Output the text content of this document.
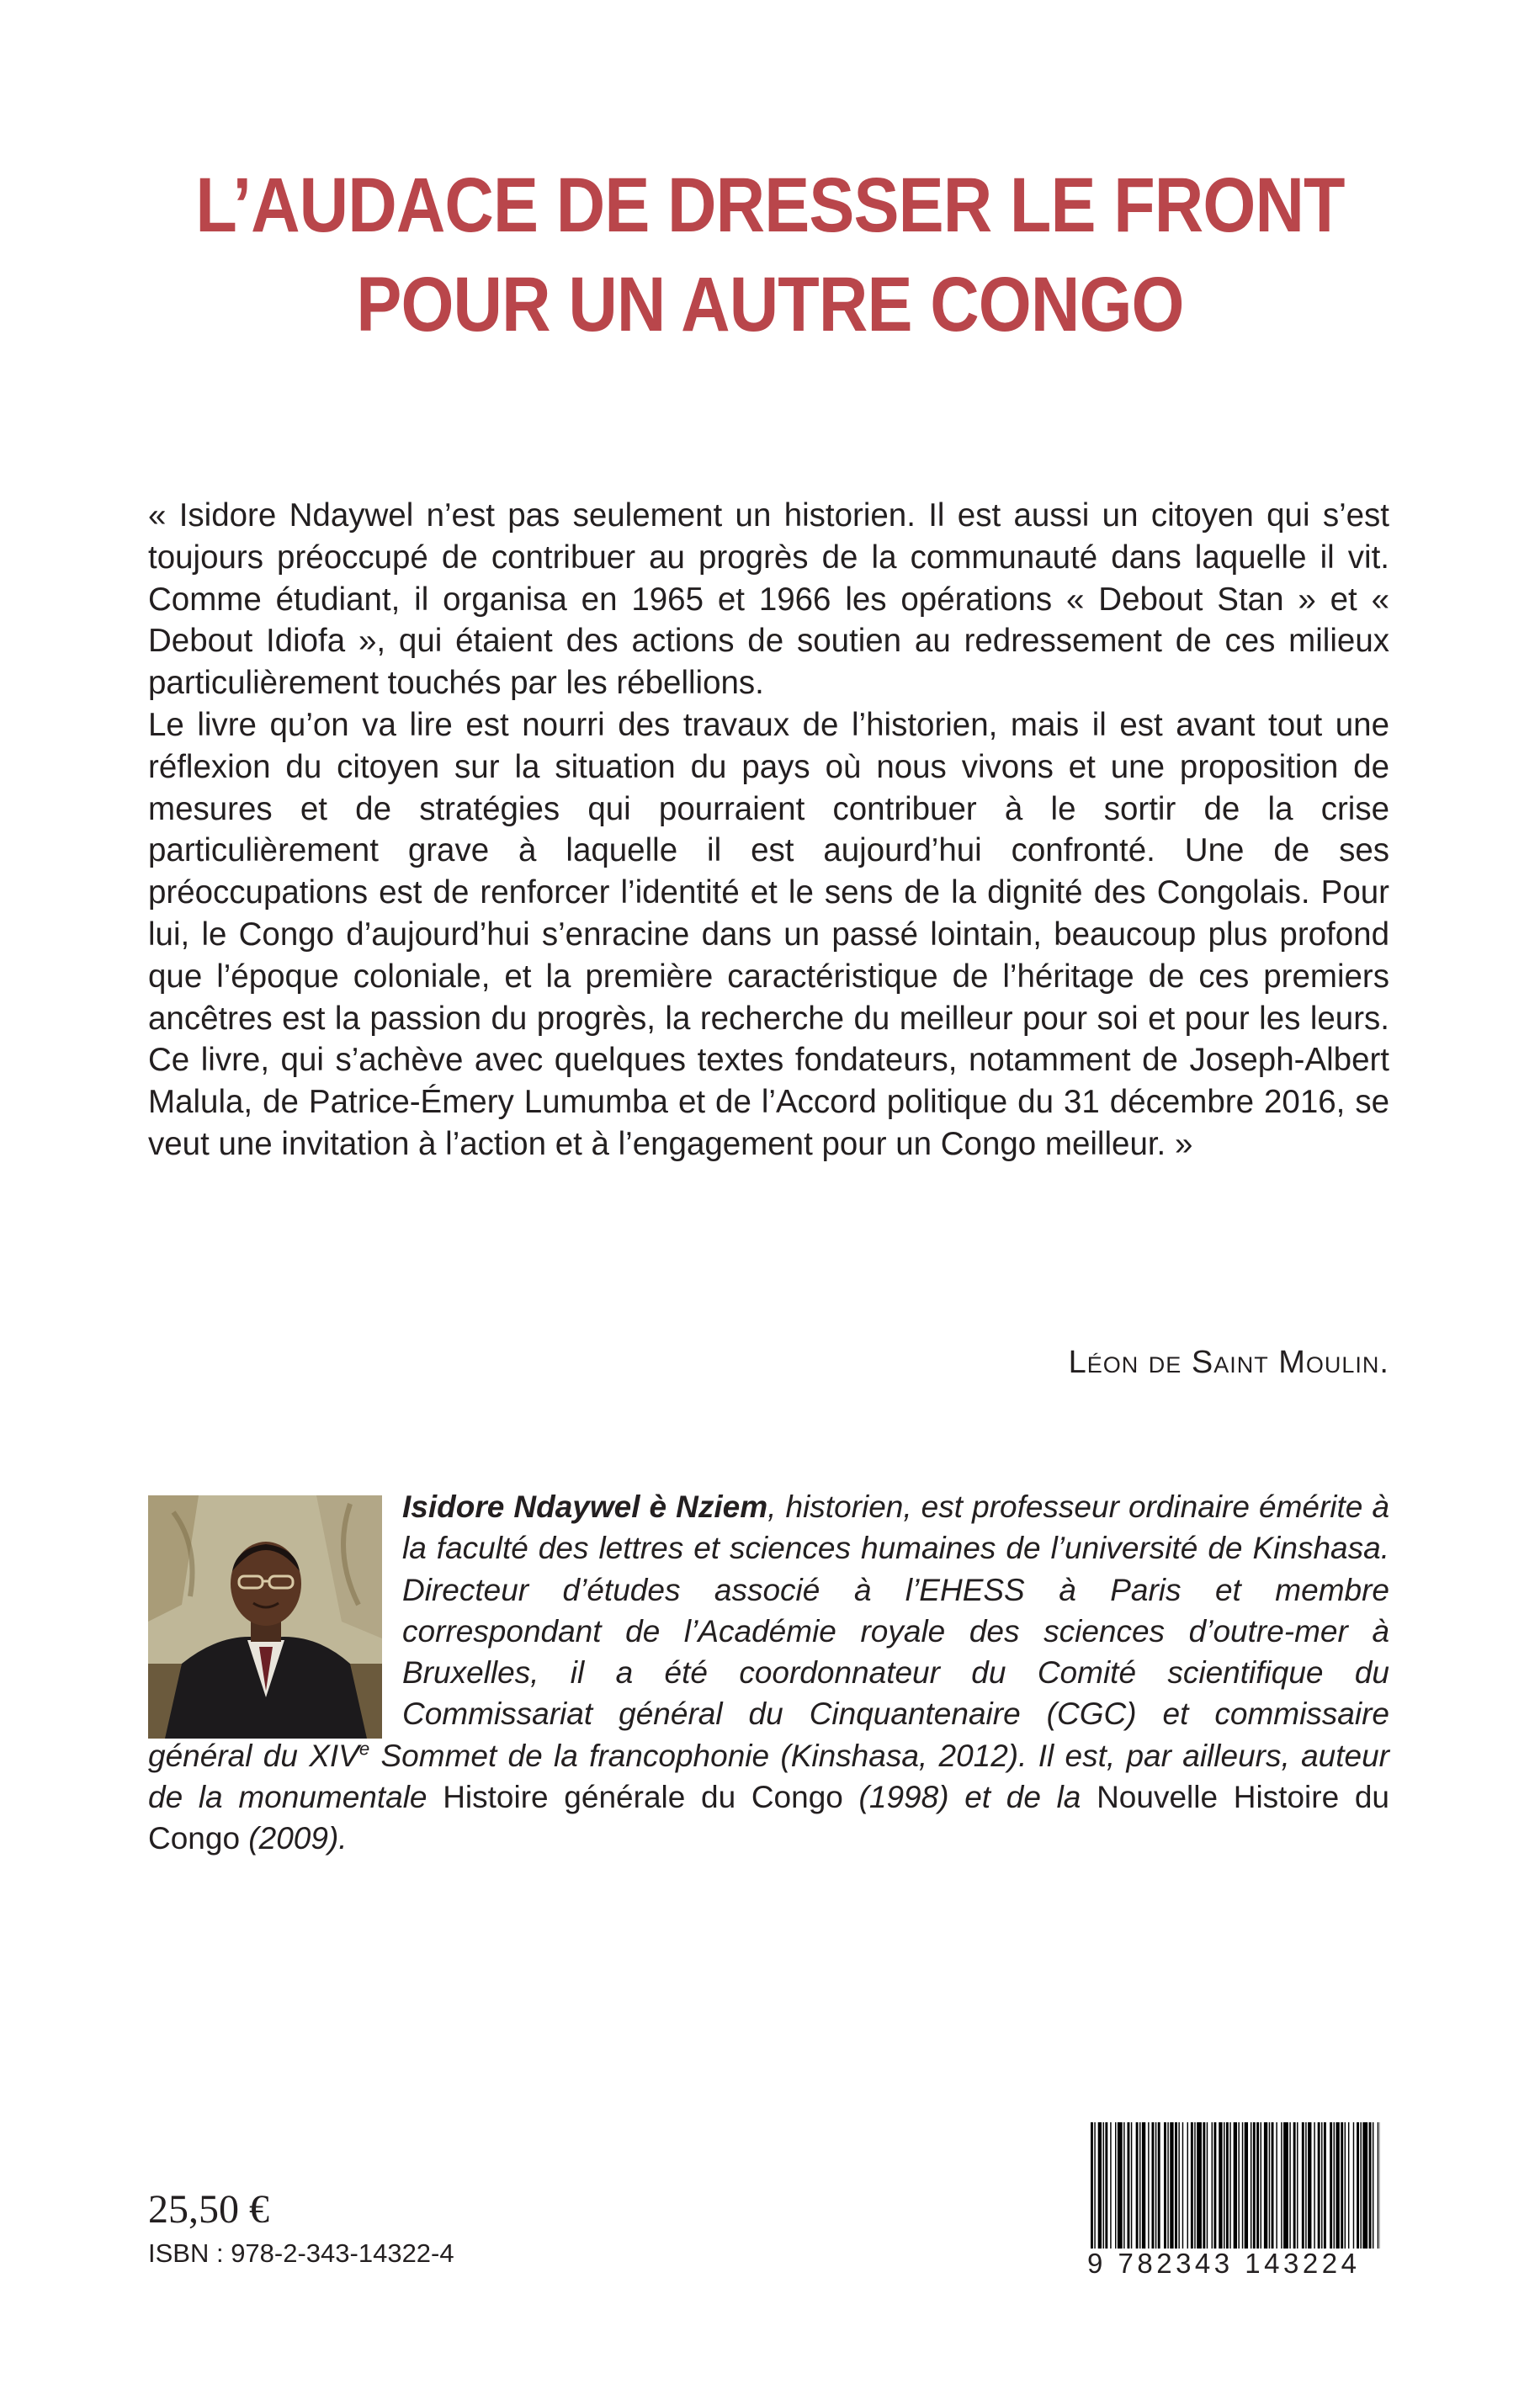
L’AUDACE DE DRESSER LE FRONT
POUR UN AUTRE CONGO

« Isidore Ndaywel n’est pas seulement un historien. Il est aussi un citoyen qui s’est toujours préoccupé de contribuer au progrès de la communauté dans laquelle il vit. Comme étudiant, il organisa en 1965 et 1966 les opérations « Debout Stan » et « Debout Idiofa », qui étaient des actions de soutien au redressement de ces milieux particulièrement touchés par les rébellions.

Le livre qu’on va lire est nourri des travaux de l’historien, mais il est avant tout une réflexion du citoyen sur la situation du pays où nous vivons et une proposition de mesures et de stratégies qui pourraient contribuer à le sortir de la crise particulièrement grave à laquelle il est aujourd’hui confronté. Une de ses préoccupations est de renforcer l’identité et le sens de la dignité des Congolais. Pour lui, le Congo d’aujourd’hui s’enracine dans un passé lointain, beaucoup plus profond que l’époque coloniale, et la première caractéristique de l’héritage de ces premiers ancêtres est la passion du progrès, la recherche du meilleur pour soi et pour les leurs. Ce livre, qui s’achève avec quelques textes fondateurs, notamment de Joseph-Albert Malula, de Patrice-Émery Lumumba et de l’Accord politique du 31 décembre 2016, se veut une invitation à l’action et à l’engagement pour un Congo meilleur. »

Léon de Saint Moulin.
Isidore Ndaywel è Nziem, historien, est professeur ordinaire émérite à la faculté des lettres et sciences humaines de l’université de Kinshasa. Directeur d’études associé à l’EHESS à Paris et membre correspondant de l’Académie royale des sciences d’outre-mer à Bruxelles, il a été coordonnateur du Comité scientifique du Commissariat général du Cinquantenaire (CGC) et commissaire général du XIVe Sommet de la francophonie (Kinshasa, 2012). Il est, par ailleurs, auteur de la monumentale Histoire générale du Congo (1998) et de la Nouvelle Histoire du Congo (2009).
25,50 €
ISBN : 978-2-343-14322-4	9 782343 143224
